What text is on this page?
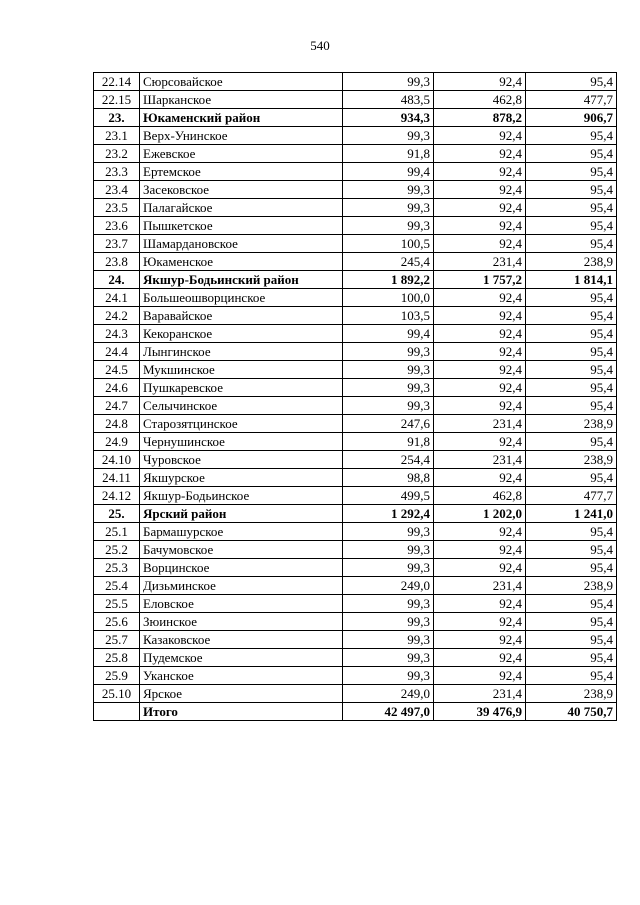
540
22.14	Сюрсовайское	99,3	92,4	95,4
22.15	Шарканское	483,5	462,8	477,7
23.	Юкаменский район	934,3	878,2	906,7
23.1	Верх-Унинское	99,3	92,4	95,4
23.2	Ежевское	91,8	92,4	95,4
23.3	Ертемское	99,4	92,4	95,4
23.4	Засековское	99,3	92,4	95,4
23.5	Палагайское	99,3	92,4	95,4
23.6	Пышкетское	99,3	92,4	95,4
23.7	Шамардановское	100,5	92,4	95,4
23.8	Юкаменское	245,4	231,4	238,9
24.	Якшур-Бодьинский район	1 892,2	1 757,2	1 814,1
24.1	Большеошворцинское	100,0	92,4	95,4
24.2	Варавайское	103,5	92,4	95,4
24.3	Кекоранское	99,4	92,4	95,4
24.4	Лынгинское	99,3	92,4	95,4
24.5	Мукшинское	99,3	92,4	95,4
24.6	Пушкаревское	99,3	92,4	95,4
24.7	Селычинское	99,3	92,4	95,4
24.8	Старозятцинское	247,6	231,4	238,9
24.9	Чернушинское	91,8	92,4	95,4
24.10	Чуровское	254,4	231,4	238,9
24.11	Якшурское	98,8	92,4	95,4
24.12	Якшур-Бодьинское	499,5	462,8	477,7
25.	Ярский район	1 292,4	1 202,0	1 241,0
25.1	Бармашурское	99,3	92,4	95,4
25.2	Бачумовское	99,3	92,4	95,4
25.3	Ворцинское	99,3	92,4	95,4
25.4	Дизьминское	249,0	231,4	238,9
25.5	Еловское	99,3	92,4	95,4
25.6	Зюинское	99,3	92,4	95,4
25.7	Казаковское	99,3	92,4	95,4
25.8	Пудемское	99,3	92,4	95,4
25.9	Уканское	99,3	92,4	95,4
25.10	Ярское	249,0	231,4	238,9
	Итого	42 497,0	39 476,9	40 750,7
